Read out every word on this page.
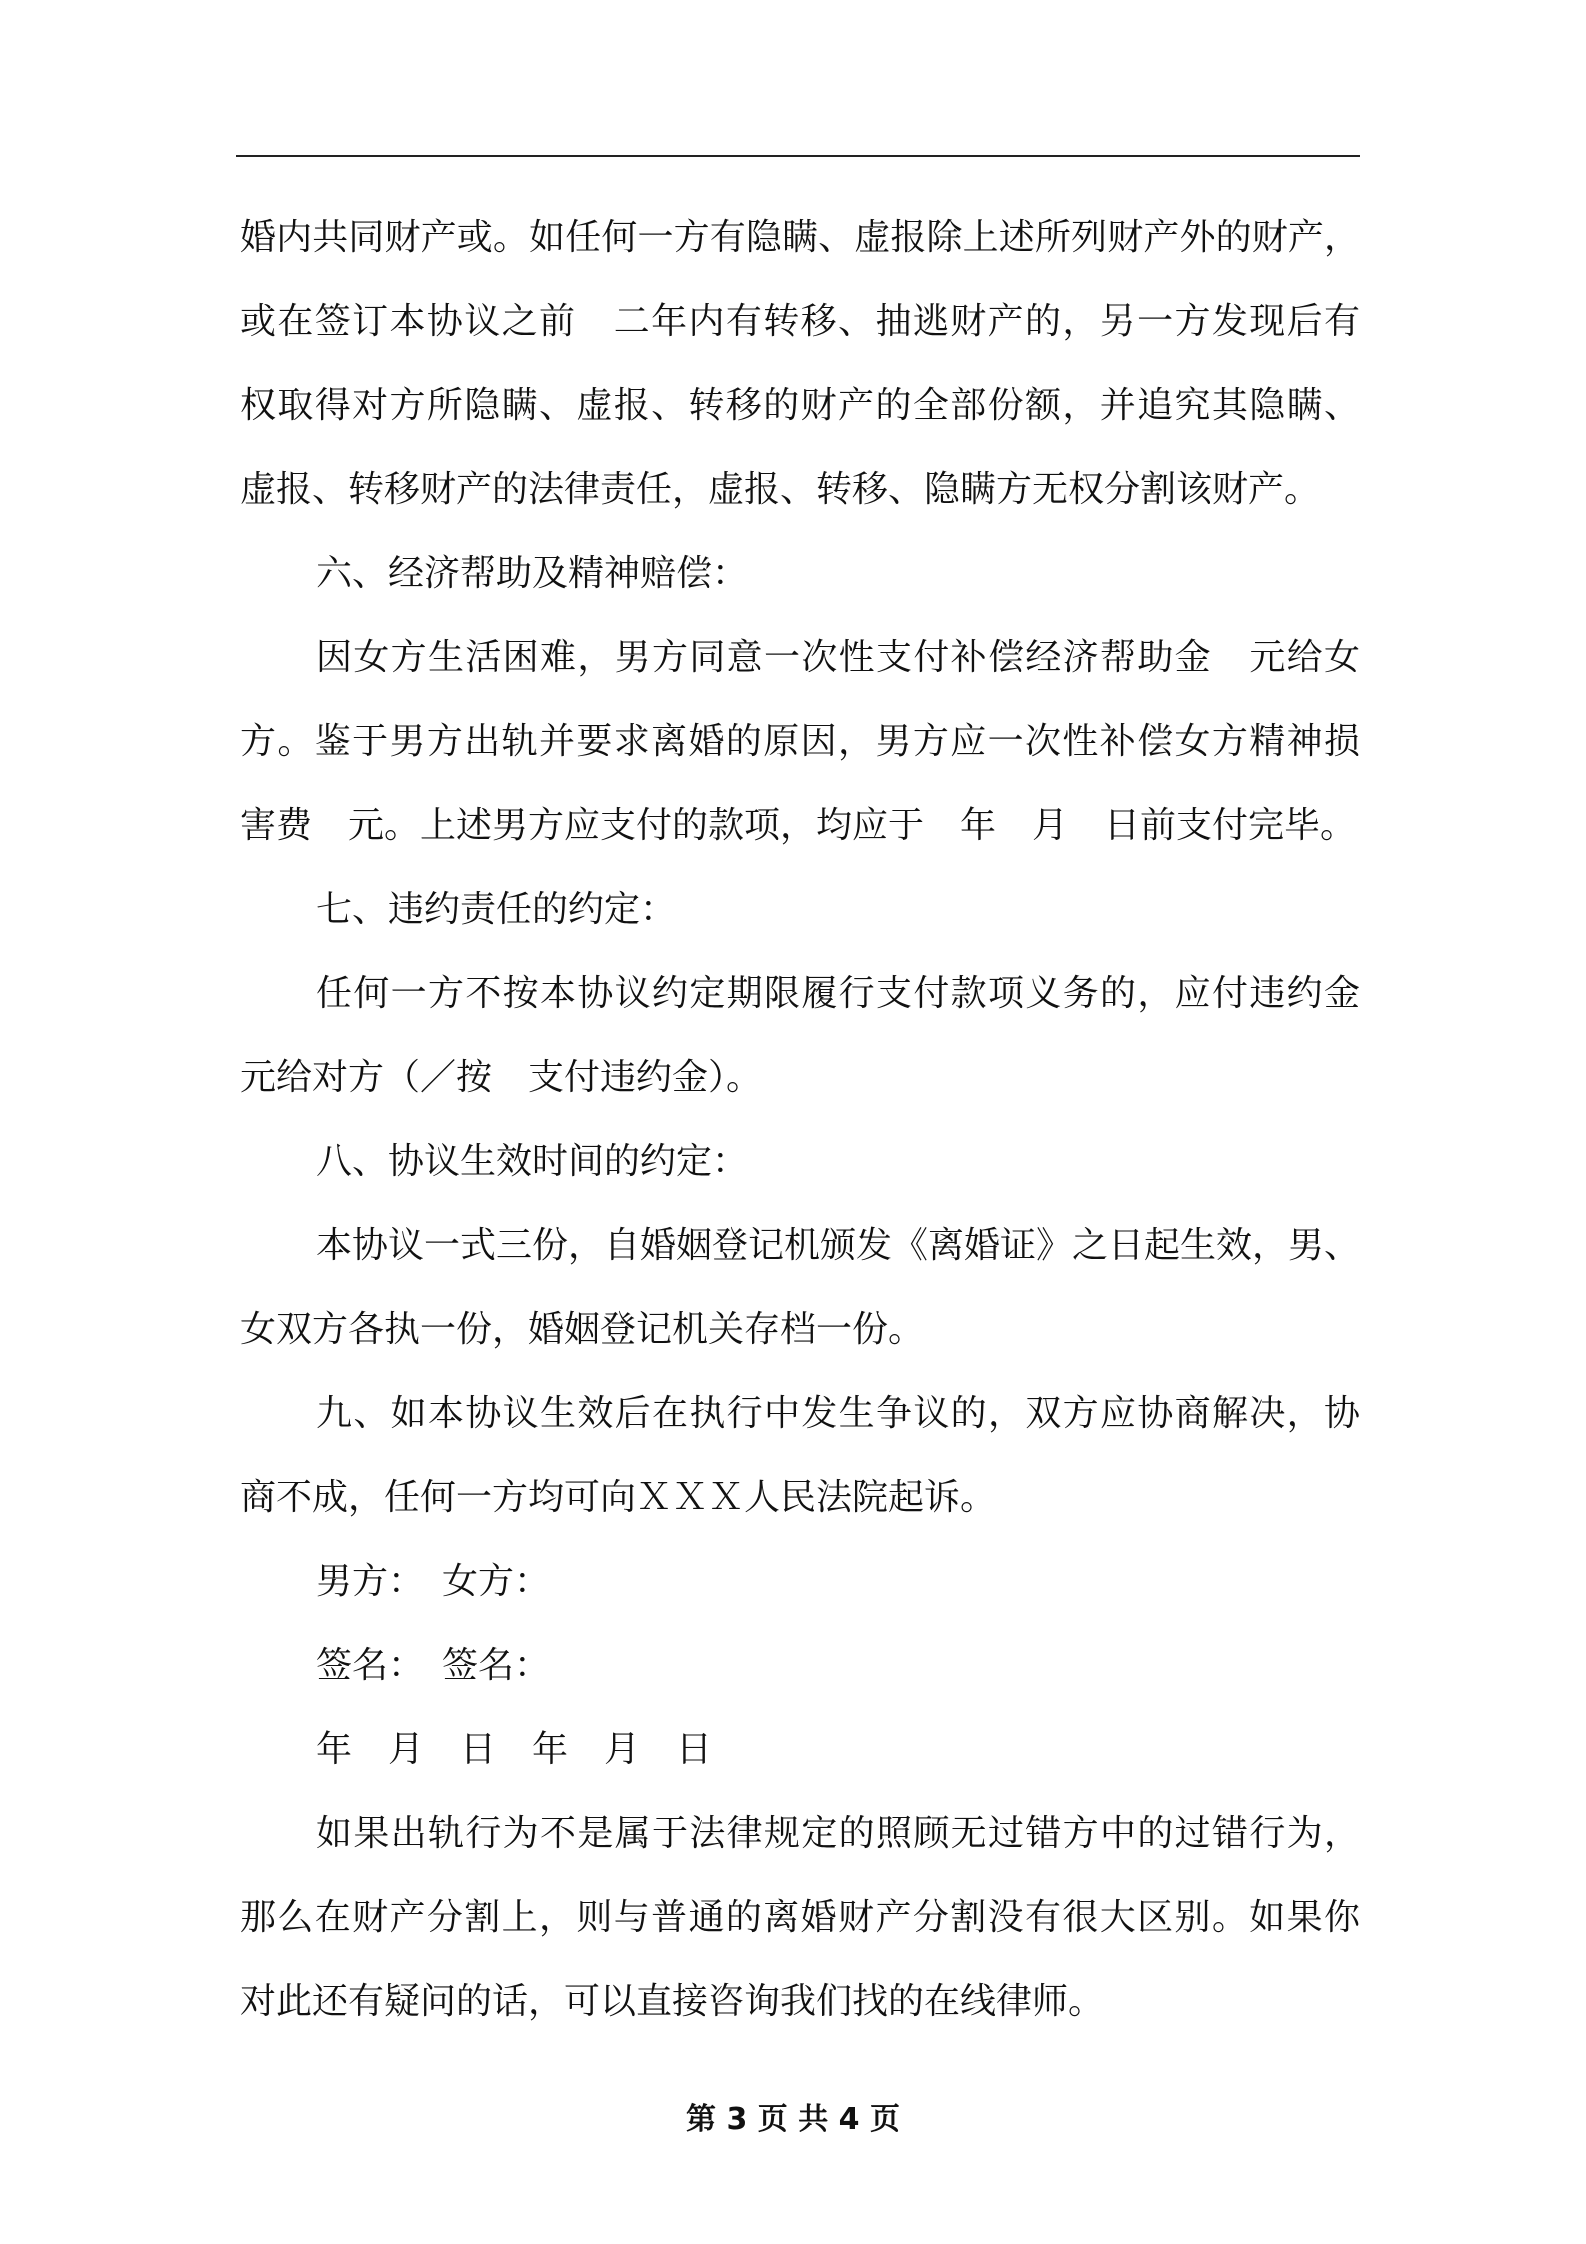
婚内共同财产或。如任何一方有隐瞒、虚报除上述所列财产外的财产，
或在签订本协议之前　二年内有转移、抽逃财产的，另一方发现后有
权取得对方所隐瞒、虚报、转移的财产的全部份额，并追究其隐瞒、
虚报、转移财产的法律责任，虚报、转移、隐瞒方无权分割该财产。
六、经济帮助及精神赔偿：
因女方生活困难，男方同意一次性支付补偿经济帮助金　元给女
方。鉴于男方出轨并要求离婚的原因，男方应一次性补偿女方精神损
害费　元。上述男方应支付的款项，均应于　年　月　日前支付完毕。
七、违约责任的约定：
任何一方不按本协议约定期限履行支付款项义务的，应付违约金
元给对方（／按　支付违约金）。
八、协议生效时间的约定：
本协议一式三份，自婚姻登记机颁发《离婚证》之日起生效，男、
女双方各执一份，婚姻登记机关存档一份。
九、如本协议生效后在执行中发生争议的，双方应协商解决，协
商不成，任何一方均可向ＸＸＸ人民法院起诉。
男方：　女方：
签名：　签名：
年　月　日　年　月　日
如果出轨行为不是属于法律规定的照顾无过错方中的过错行为，
那么在财产分割上，则与普通的离婚财产分割没有很大区别。如果你
对此还有疑问的话，可以直接咨询我们找的在线律师。
第 3 页 共 4 页
